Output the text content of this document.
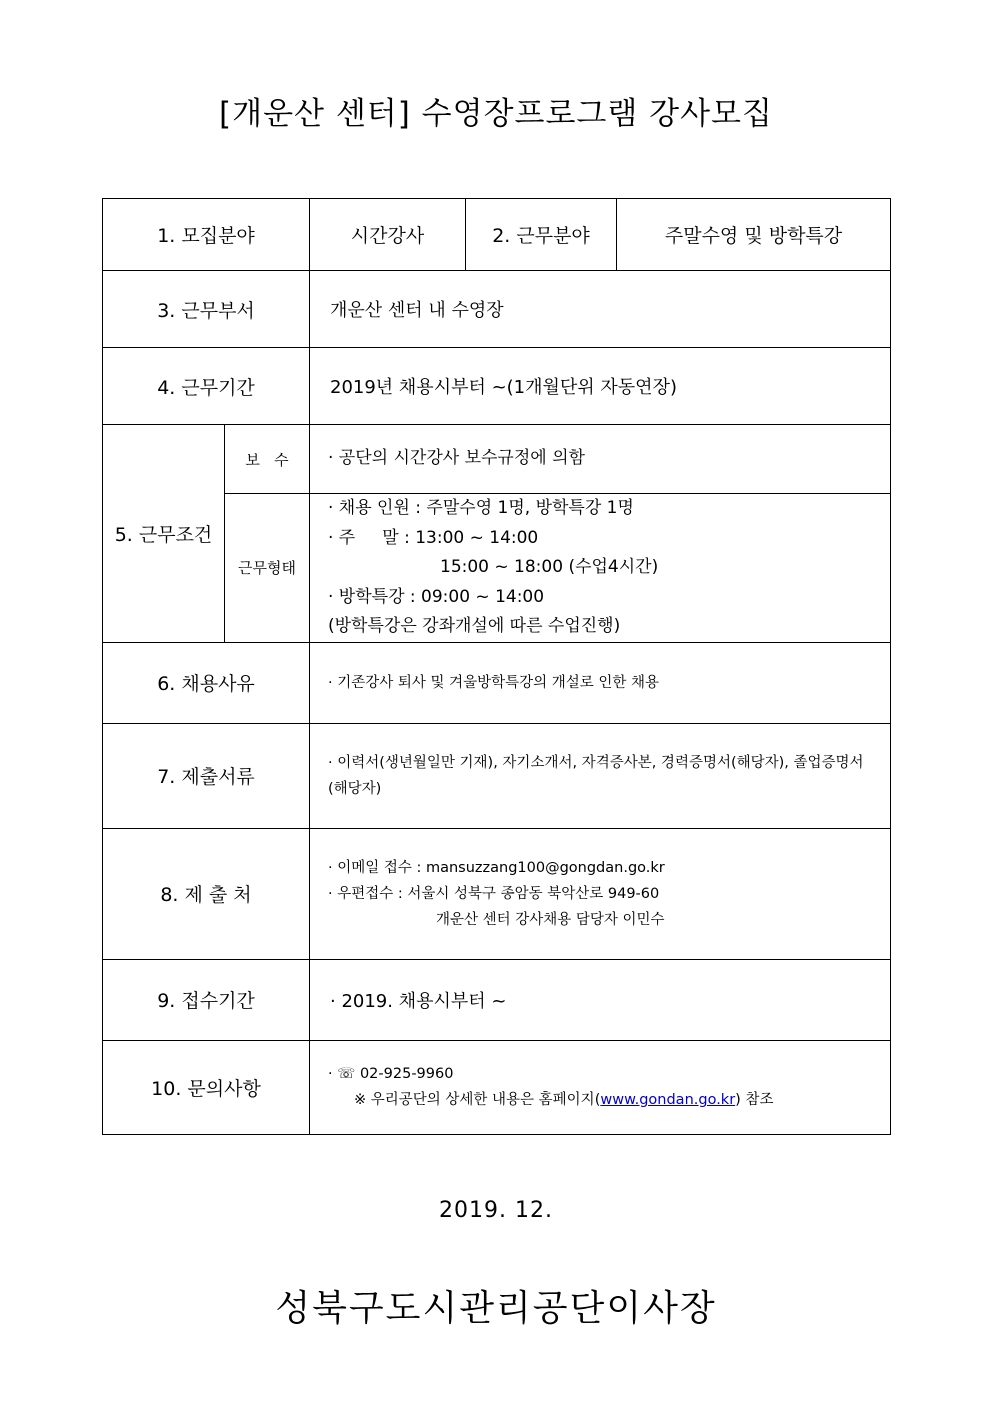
[개운산 센터] 수영장프로그램 강사모집
1. 모집분야		시간강사	2. 근무분야	주말수영 및 방학특강
3. 근무부서		개운산 센터 내 수영장		
4. 근무기간		2019년 채용시부터 ~(1개월단위 자동연장)		
5. 근무조건	보   수	· 공단의 시간강사 보수규정에 의함		
	근무형태	· 채용 인원 : 주말수영 1명, 방학특강 1명
· 주     말 : 13:00 ~ 14:00
15:00 ~ 18:00 (수업4시간)
· 방학특강 : 09:00 ~ 14:00
(방학특강은 강좌개설에 따른 수업진행)		

6. 채용사유		· 기존강사 퇴사 및 겨울방학특강의 개설로 인한 채용		
7. 제출서류		· 이력서(생년월일만 기재), 자기소개서, 자격증사본, 경력증명서(해당자), 졸업증명서(해당자)		
8. 제 출 처		· 이메일 접수 : mansuzzang100@gongdan.go.kr
· 우편접수 : 서울시 성북구 종암동 북악산로 949-60
개운산 센터 강사채용 담당자 이민수		

9. 접수기간		· 2019. 채용시부터 ~		
10. 문의사항		· ☏ 02-925-9960
※ 우리공단의 상세한 내용은 홈페이지(www.gondan.go.kr) 참조		
2019. 12.
성북구도시관리공단이사장
